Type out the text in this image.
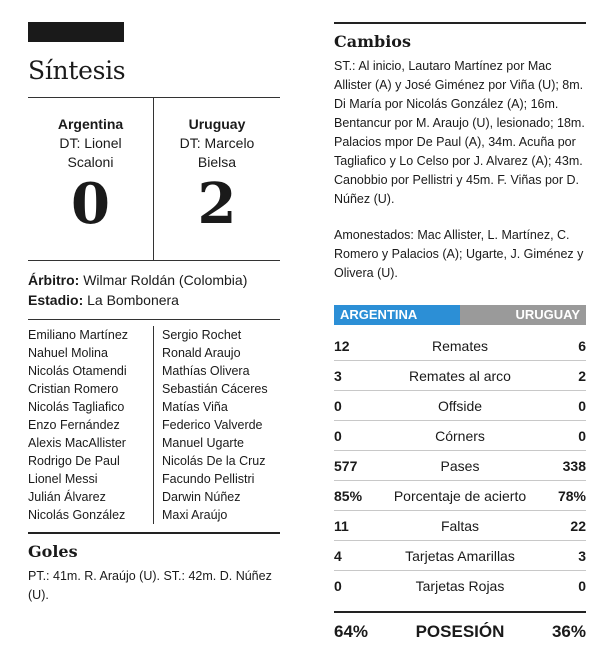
Síntesis
Argentina
DT: Lionel Scaloni
0
Uruguay
DT: Marcelo Bielsa
2
Árbitro: Wilmar Roldán (Colombia)
Estadio: La Bombonera
Emiliano Martínez
Nahuel Molina
Nicolás Otamendi
Cristian Romero
Nicolás Tagliafico
Enzo Fernández
Alexis MacAllister
Rodrigo De Paul
Lionel Messi
Julián Álvarez
Nicolás González
Sergio Rochet
Ronald Araujo
Mathías Olivera
Sebastián Cáceres
Matías Viña
Federico Valverde
Manuel Ugarte
Nicolás De la Cruz
Facundo Pellistri
Darwin Núñez
Maxi Araújo
Goles

PT.: 41m. R. Araújo (U). ST.: 42m. D. Núñez (U).

Cambios

ST.: Al inicio, Lautaro Martínez por Mac Allister (A) y José Giménez por Viña (U); 8m. Di María por Nicolás González (A); 16m. Bentancur por M. Araujo (U), lesionado; 18m. Palacios mpor De Paul (A), 34m. Acuña por Tagliafico y Lo Celso por J. Alvarez (A); 43m. Canobbio por Pellistri y 45m. F. Viñas por D. Núñez (U).

Amonestados: Mac Allister, L. Martínez, C. Romero y Palacios (A); Ugarte, J. Giménez y Olivera (U).

ARGENTINA	URUGUAY
12	Remates	6
3	Remates al arco	2
0	Offside	0
0	Córners	0
577	Pases	338
85%	Porcentaje de acierto	78%
11	Faltas	22
4	Tarjetas Amarillas	3
0	Tarjetas Rojas	0
64%	POSESIÓN	36%
